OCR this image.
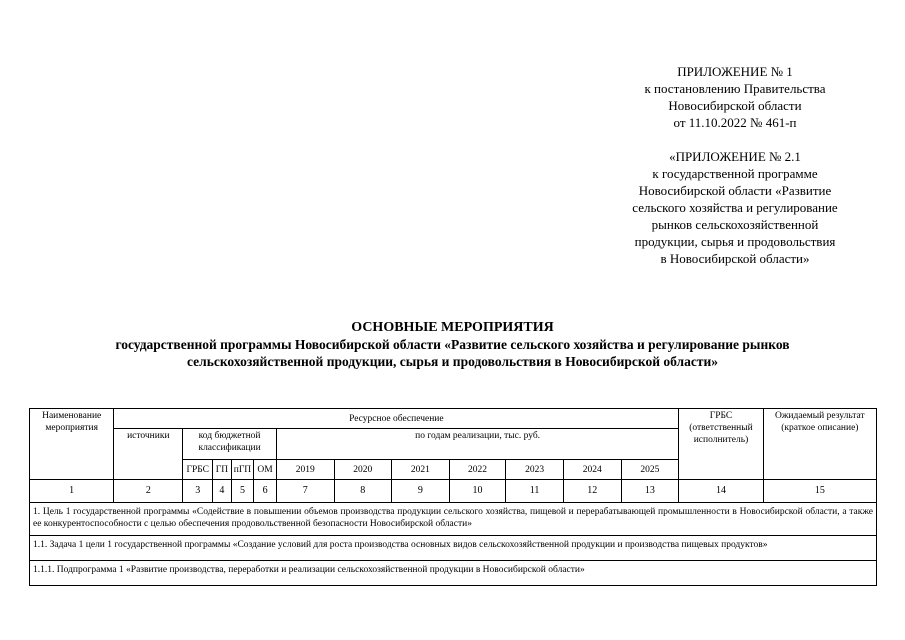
ПРИЛОЖЕНИЕ № 1
к постановлению Правительства
Новосибирской области
от 11.10.2022 № 461-п
«ПРИЛОЖЕНИЕ № 2.1
к государственной программе
Новосибирской области «Развитие
сельского хозяйства и регулирование
рынков сельскохозяйственной
продукции, сырья и продовольствия
в Новосибирской области»
ОСНОВНЫЕ МЕРОПРИЯТИЯ
государственной программы Новосибирской области «Развитие сельского хозяйства и регулирование рынков
сельскохозяйственной продукции, сырья и продовольствия в Новосибирской области»
Наименование мероприятия	Ресурсное обеспечение												ГРБС (ответственный исполнитель)	Ожидаемый результат (краткое описание)
	источники	код бюджетной классификации				по годам реализации, тыс. руб.								
		ГРБС	ГП	пГП	ОМ	2019	2020	2021	2022	2023	2024	2025		
1	2	3	4	5	6	7	8	9	10	11	12	13	14	15
1. Цель 1 государственной программы «Содействие в повышении объемов производства продукции сельского хозяйства, пищевой и перерабатывающей промышленности в Новосибирской области, а также ее конкурентоспособности с целью обеспечения продовольственной безопасности Новосибирской области»														
1.1. Задача 1 цели 1 государственной программы «Создание условий для роста производства основных видов сельскохозяйственной продукции и производства пищевых продуктов»														
1.1.1. Подпрограмма 1 «Развитие производства, переработки и реализации сельскохозяйственной продукции в Новосибирской области»														
